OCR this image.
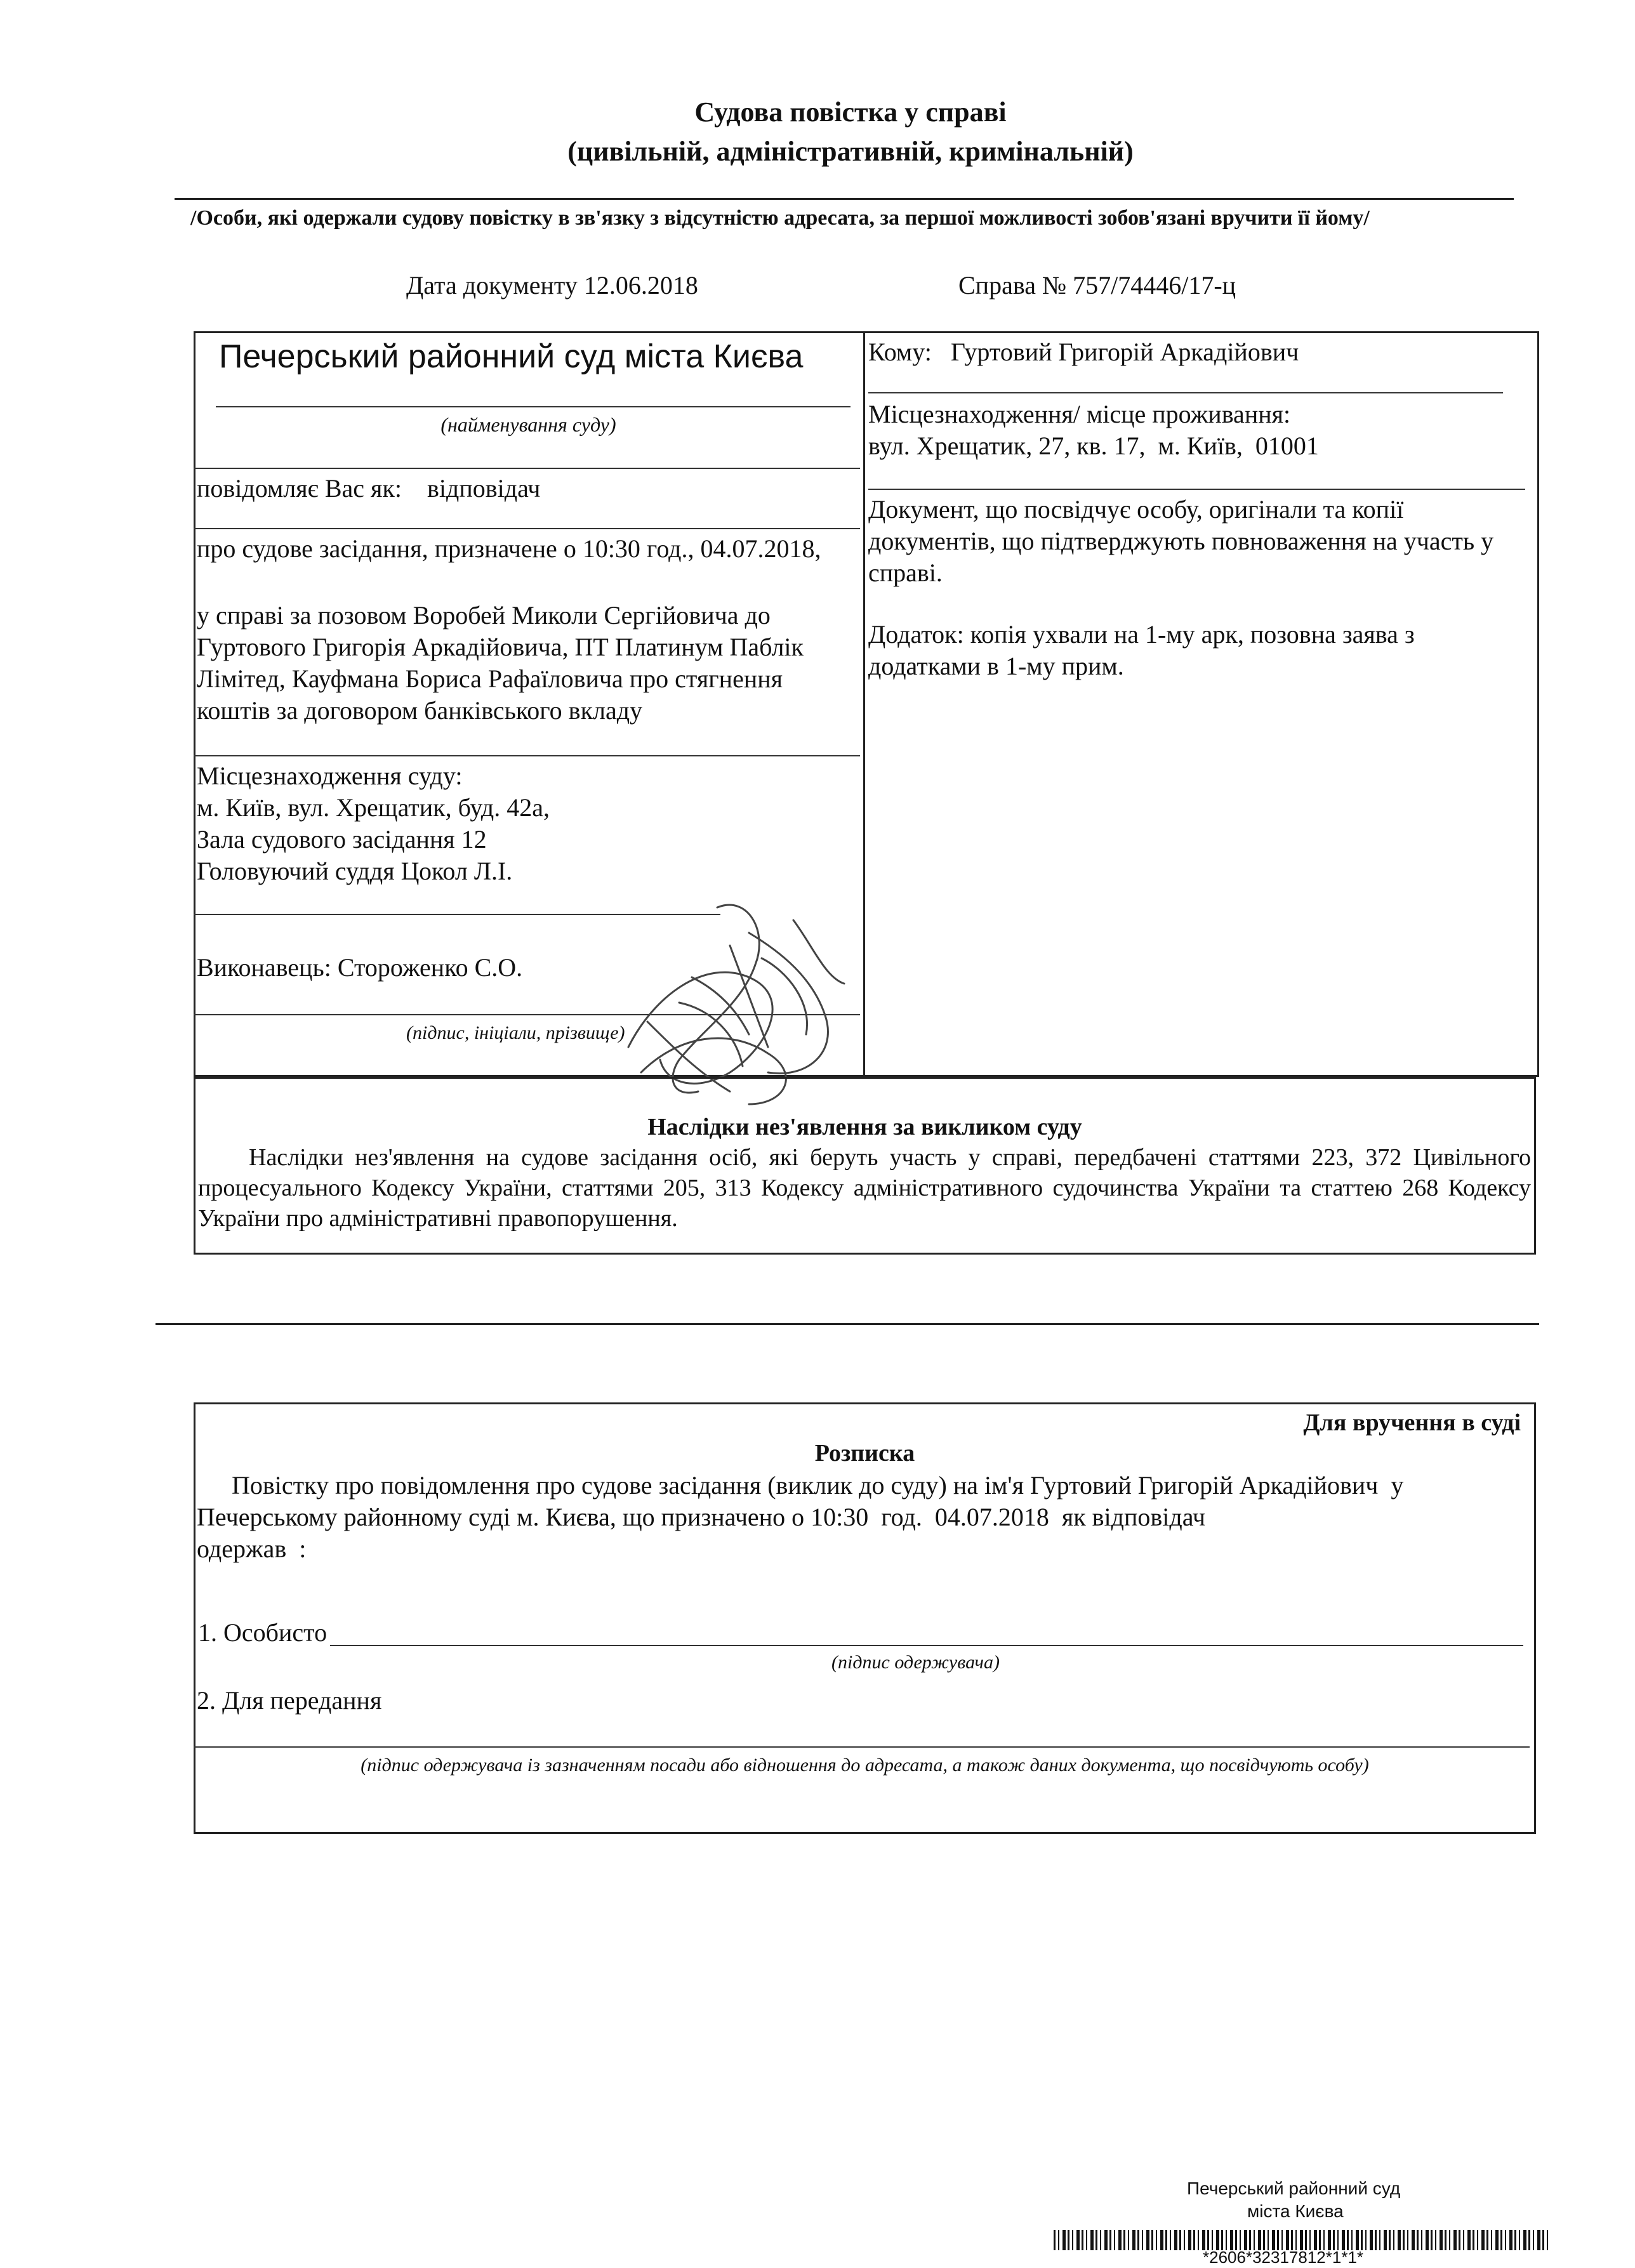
Судова повістка у справі
(цивільній, адміністративній, кримінальній)
/Особи, які одержали судову повістку в зв'язку з відсутністю адресата, за першої можливості зобов'язані вручити її йому/
Дата документу 12.06.2018	Справа № 757/74446/17-ц
Печерський районний суд міста Києва
(найменування суду)
повідомляє Вас як:    відповідач
про судове засідання, призначене о 10:30 год., 04.07.2018,
у справі за позовом Воробей Миколи Сергійовича до Гуртового Григорія Аркадійовича, ПТ Платинум Паблік Лімітед, Кауфмана Бориса Рафаїловича про стягнення коштів за договором банківського вкладу
Місцезнаходження суду:
м. Київ, вул. Хрещатик, буд. 42а,
Зала судового засідання 12
Головуючий суддя Цокол Л.І.
Виконавець: Стороженко С.О.
(підпис, ініціали, прізвище)
Кому:   Гуртовий Григорій Аркадійович
Місцезнаходження/ місце проживання:
вул. Хрещатик, 27, кв. 17,  м. Київ,  01001
Документ, що посвідчує особу, оригінали та копії документів, що підтверджують повноваження на участь у справі.
Додаток: копія ухвали на 1-му арк, позовна заява з додатками в 1-му прим.
Наслідки нез'явлення за викликом суду
Наслідки нез'явлення на судове засідання осіб, які беруть участь у справі, передбачені статтями 223, 372 Цивільного процесуального Кодексу України, статтями 205, 313 Кодексу адміністративного судочинства України та статтею 268 Кодексу України про адміністративні правопорушення.
Для вручення в суді
Розписка
Повістку про повідомлення про судове засідання (виклик до суду) на ім'я Гуртовий Григорій Аркадійович  у
Печерському районному суді м. Києва, що призначено о 10:30  год.  04.07.2018  як відповідач
одержав  :
1. Особисто
(підпис одержувача)
2. Для передання
(підпис одержувача із зазначенням посади або відношення до адресата, а також даних документа, що посвідчують особу)
Печерський районний суд
міста Києва
*2606*32317812*1*1*
